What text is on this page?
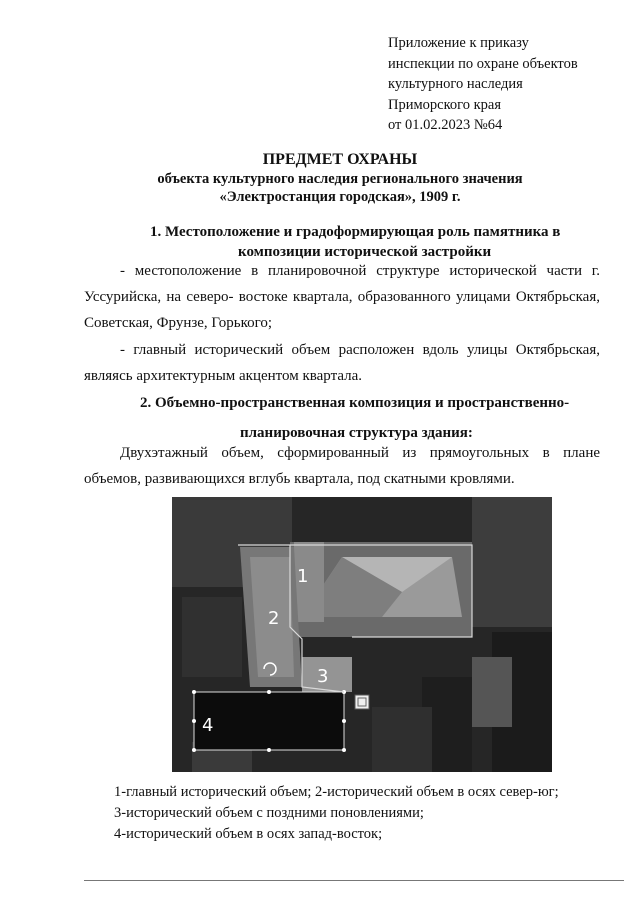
Приложение к приказу
инспекции по охране объектов
культурного наследия
Приморского края
от 01.02.2023 №64
ПРЕДМЕТ ОХРАНЫ
объекта культурного наследия регионального значения
«Электростанция городская», 1909 г.
1. Местоположение и градоформирующая роль памятника в
композиции исторической застройки
- местоположение в планировочной структуре исторической части г. Уссурийска, на северо- востоке квартала, образованного улицами Октябрьская, Советская, Фрунзе, Горького;
- главный исторический объем расположен вдоль улицы Октябрьская, являясь архитектурным акцентом квартала.
2. Объемно-пространственная композиция и пространственно-
планировочная структура здания:
Двухэтажный объем, сформированный из прямоугольных в плане объемов, развивающихся вглубь квартала, под скатными кровлями.
1
2
3
4
1-главный исторический объем; 2-исторический объем в осях север-юг;
3-исторический объем с поздними поновлениями;
4-исторический объем в осях запад-восток;
